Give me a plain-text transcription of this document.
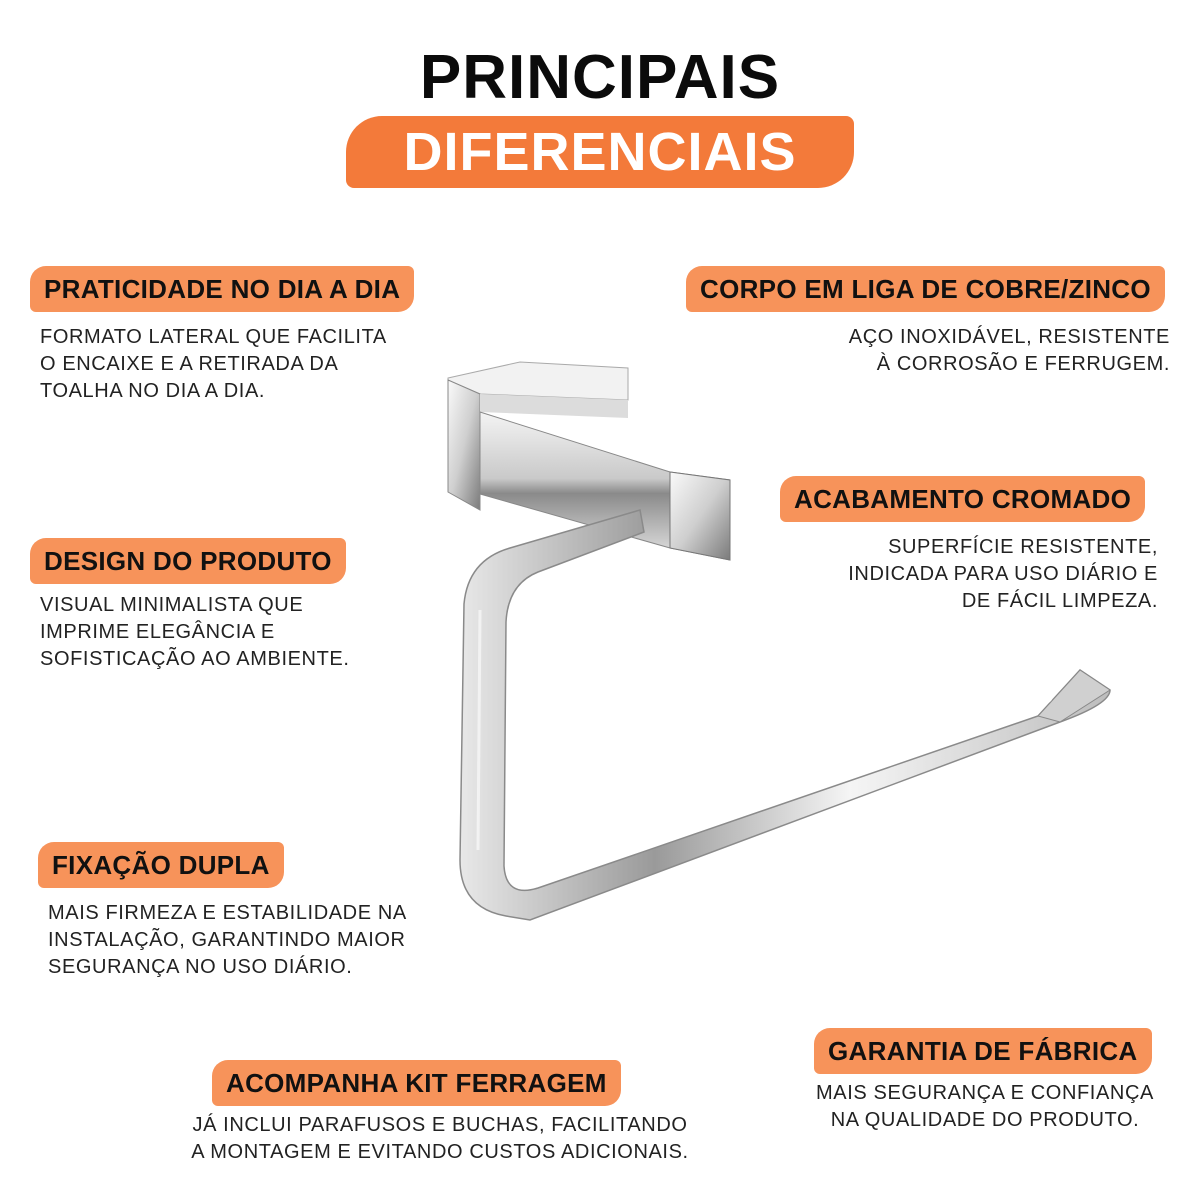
PRINCIPAIS
DIFERENCIAIS
PRATICIDADE NO DIA A DIA
FORMATO LATERAL QUE FACILITA
O ENCAIXE E A RETIRADA DA
TOALHA NO DIA A DIA.
CORPO EM LIGA DE COBRE/ZINCO
AÇO INOXIDÁVEL, RESISTENTE
À CORROSÃO E FERRUGEM.
ACABAMENTO CROMADO
SUPERFÍCIE RESISTENTE,
INDICADA PARA USO DIÁRIO E
DE FÁCIL LIMPEZA.
DESIGN DO PRODUTO
VISUAL MINIMALISTA QUE
IMPRIME ELEGÂNCIA E
SOFISTICAÇÃO AO AMBIENTE.
FIXAÇÃO DUPLA
MAIS FIRMEZA E ESTABILIDADE NA
INSTALAÇÃO, GARANTINDO MAIOR
SEGURANÇA NO USO DIÁRIO.
GARANTIA DE FÁBRICA
MAIS SEGURANÇA E CONFIANÇA
NA QUALIDADE DO PRODUTO.
ACOMPANHA KIT FERRAGEM
JÁ INCLUI PARAFUSOS E BUCHAS, FACILITANDO
A MONTAGEM E EVITANDO CUSTOS ADICIONAIS.
